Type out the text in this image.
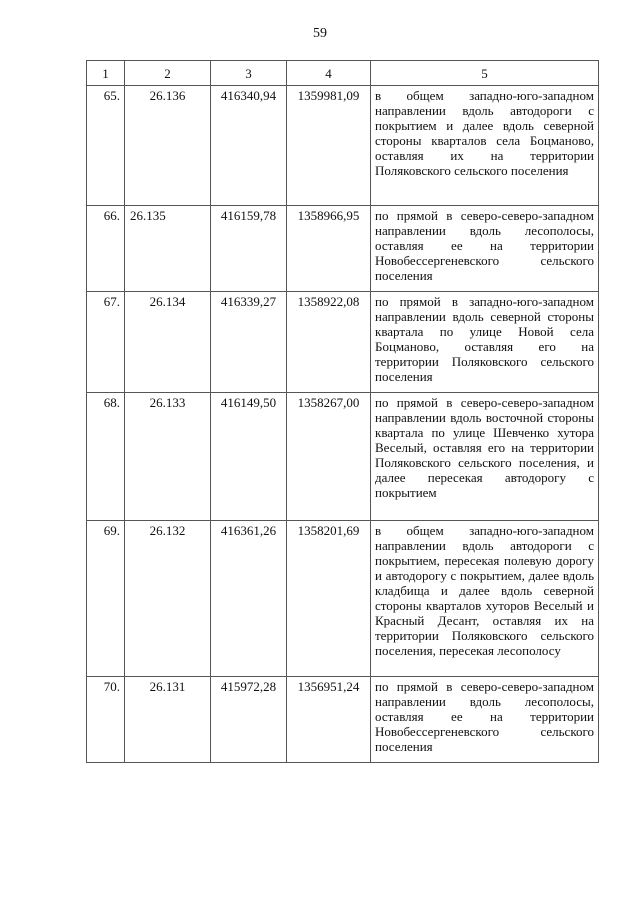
59
1	2	3	4	5
65.	26.136	416340,94	1359981,09	в общем западно-юго-западном направлении вдоль автодороги с покрытием и далее вдоль северной стороны кварталов села Боцманово, оставляя их на территории Поляковского сельского поселения
66.	26.135	416159,78	1358966,95	по прямой в северо-северо-западном направлении вдоль лесополосы, оставляя ее на территории Новобессергеневского сельского поселения
67.	26.134	416339,27	1358922,08	по прямой в западно-юго-западном направлении вдоль северной стороны квартала по улице Новой села Боцманово, оставляя его на территории Поляковского сельского поселения
68.	26.133	416149,50	1358267,00	по прямой в северо-северо-западном направлении вдоль восточной стороны квартала по улице Шевченко хутора Веселый, оставляя его на территории Поляковского сельского поселения, и далее пересекая автодорогу с покрытием
69.	26.132	416361,26	1358201,69	в общем западно-юго-западном направлении вдоль автодороги с покрытием, пересекая полевую дорогу и автодорогу с покрытием, далее вдоль кладбища и далее вдоль северной стороны кварталов хуторов Веселый и Красный Десант, оставляя их на территории Поляковского сельского поселения, пересекая лесополосу
70.	26.131	415972,28	1356951,24	по прямой в северо-северо-западном направлении вдоль лесополосы, оставляя ее на территории Новобессергеневского сельского поселения
